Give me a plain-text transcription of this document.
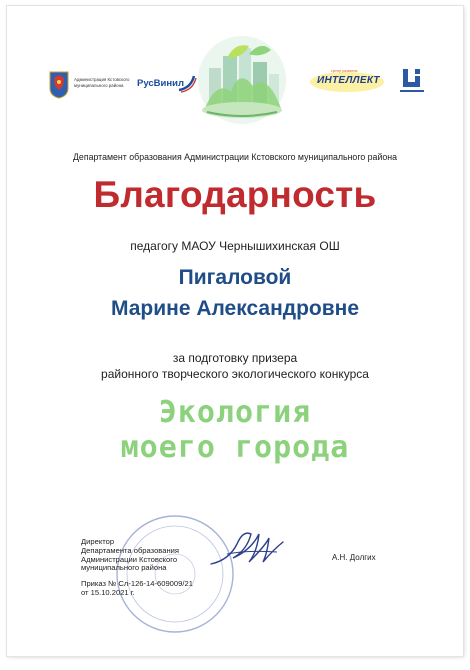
Администрация Кстовского муниципального района	РусВинил
Центр развития
ИНТЕЛЛЕКТ
Департамент образования Администрации Кстовского муниципального района
Благодарность
педагогу МАОУ Чернышихинская ОШ
Пигаловой
Марине Александровне
за подготовку призера
районного творческого экологического конкурса
Экология
моего города
Директор
Департамента образования
Администрации Кстовского
муниципального района
Приказ № Сл-126-14-609009/21
от 15.10.2021 г.
А.Н. Долгих
